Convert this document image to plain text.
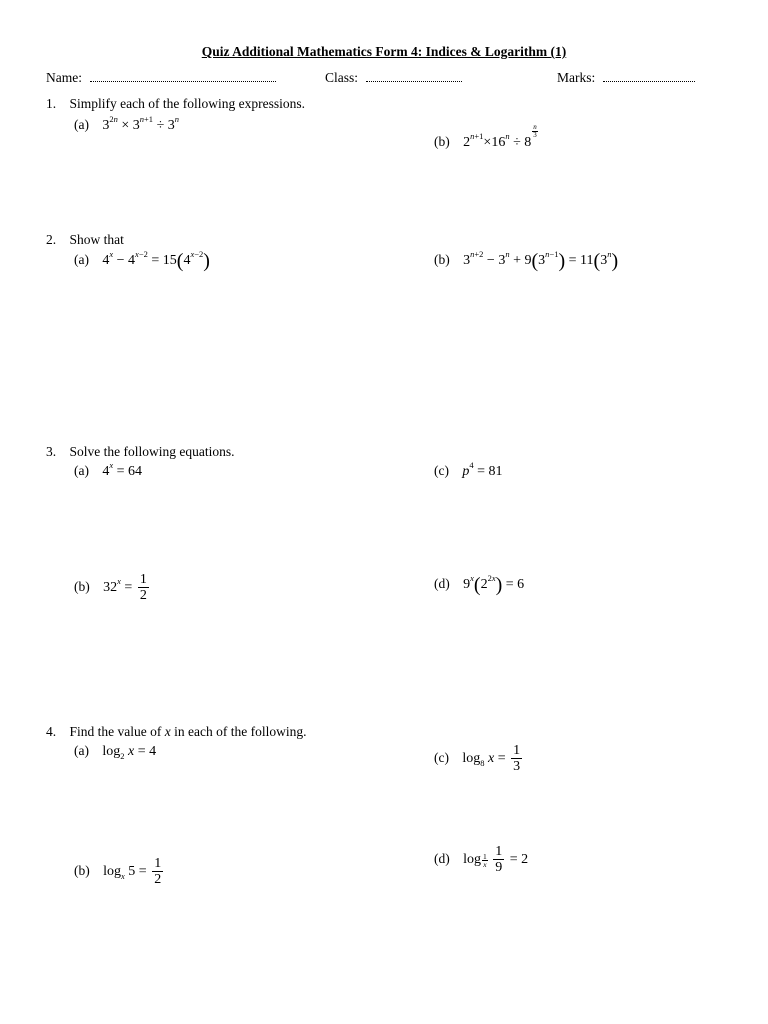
Quiz Additional Mathematics Form 4: Indices & Logarithm (1)
Name:	Class:	Marks:
1. Simplify each of the following expressions.
(a) $3^{2n} \times 3^{n+1} \div 3^n$
(b) $2^{n+1}\times 16^n \div 8$
$\frac{n}{3}$
2. Show that
(a) $4^x - 4^{x-2} = 15(4^{x-2})$	(b) $3^{n+2} - 3^n + 9(3^{n-1}) = 11(3^n)$
3. Solve the following equations.
(a) $4^x = 64$	(c) $p^4 = 81$
(b) $32^x = \frac{1}{2}$	(d) $9^x(2^{2x}) = 6$
4. Find the value of x in each of the following.
(a) $\log_2 x = 4$	(c) $\log_8 x = \frac{1}{3}$
(b) $\log_x 5 = \frac{1}{2}$	(d) $\log \frac{1}{x}$
$\frac{1}{9} = 2$
